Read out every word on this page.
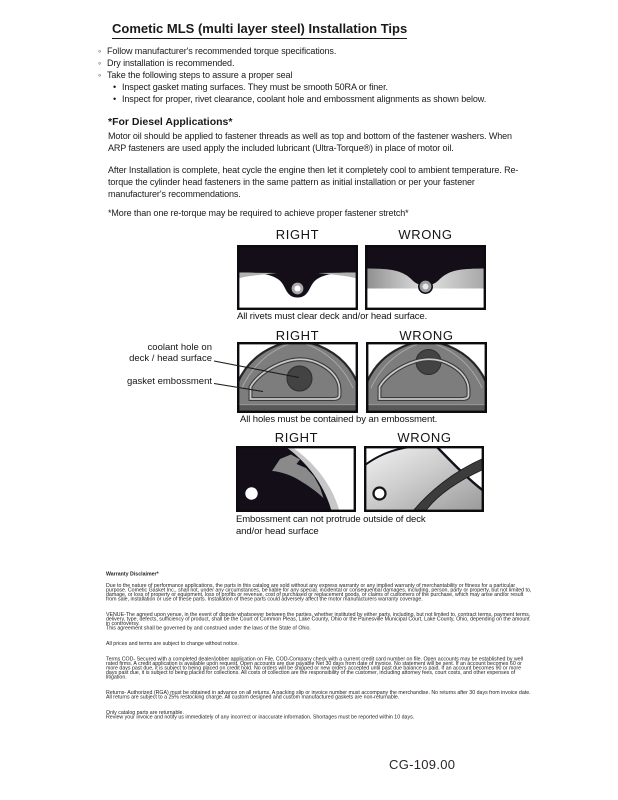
Cometic MLS (multi layer steel) Installation Tips
◦Follow manufacturer's recommended torque specifications.
◦Dry installation is recommended.
◦Take the following steps to assure a proper seal
•Inspect gasket mating surfaces. They must be smooth 50RA or finer.
•Inspect for proper, rivet clearance, coolant hole and embossment alignments as shown below.
*For Diesel Applications*
Motor oil should be applied to fastener threads as well as top and bottom of the fastener washers. When ARP fasteners are used apply the included lubricant (Ultra-Torque®) in place of motor oil.
After Installation is complete, heat cycle the engine then let it completely cool to ambient temperature. Re-torque the cylinder head fasteners in the same pattern as initial installation or per your fastener manufacturer's recommendations.
*More than one re-torque may be required to achieve proper fastener stretch*
RIGHT	WRONG
All rivets must clear deck and/or head surface.
RIGHT	WRONG
coolant hole on
deck / head surface
gasket embossment
All holes must be contained by an embossment.
RIGHT	WRONG
Embossment can not protrude outside of deck
and/or head surface
Warranty Disclaimer*

Due to the nature of performance applications, the parts in this catalog are sold without any express warranty or any implied warranty of merchantability or fitness for a particular purpose. Cometic Gasket Inc., shall not, under any circumstances, be liable for any special, incidental or consequential damages, including, person, party or property, but not limited to, damage, or loss of property or equipment, loss of profits or revenue, cost of purchased or replacement goods, or claims of customers of the purchase, which may arise and/or result from sale, installation or use of these parts. Installation of these parts could adversely affect the motor manufacturers warranty coverage.

VENUE-The agreed upon venue, in the event of dispute whatsoever between the parties, whether instituted by either party, including, but not limited to, contract terms, payment terms, delivery, type, defects, sufficiency of product, shall be the Court of Common Pleas, Lake County, Ohio or the Painesville Municipal Court, Lake County, Ohio, depending on the amount in controversy.

This agreement shall be governed by and construed under the laws of the State of Ohio.

All prices and terms are subject to change without notice.

Terms COD- Secured with a completed dealer/jobber application on File, COD-Company check with a current credit card number on file. Open accounts may be established by well rated firms. A credit application is available upon request. Open accounts are due payable Net 30 days from date of invoice. No statement will be sent. If an account becomes 60 or more days past due, it is subject to being placed on credit hold. No orders will be shipped or new orders accepted until past due balance is paid. If an account becomes 90 or more days past due, it is subject to being placed for collections. All costs of collection are the responsibility of the customer, including attorney fees, court costs, and other expenses of litigation.

Returns- Authorized (RGA) must be obtained in advance on all returns. A packing slip or invoice number must accompany the merchandise. No returns after 30 days from invoice date. All returns are subject to a 25% restocking charge. All custom designed and custom manufactured gaskets are non-returnable.

Only catalog parts are returnable.

Review your invoice and notify us immediately of any incorrect or inaccurate information. Shortages must be reported within 10 days.

CG-109.00
